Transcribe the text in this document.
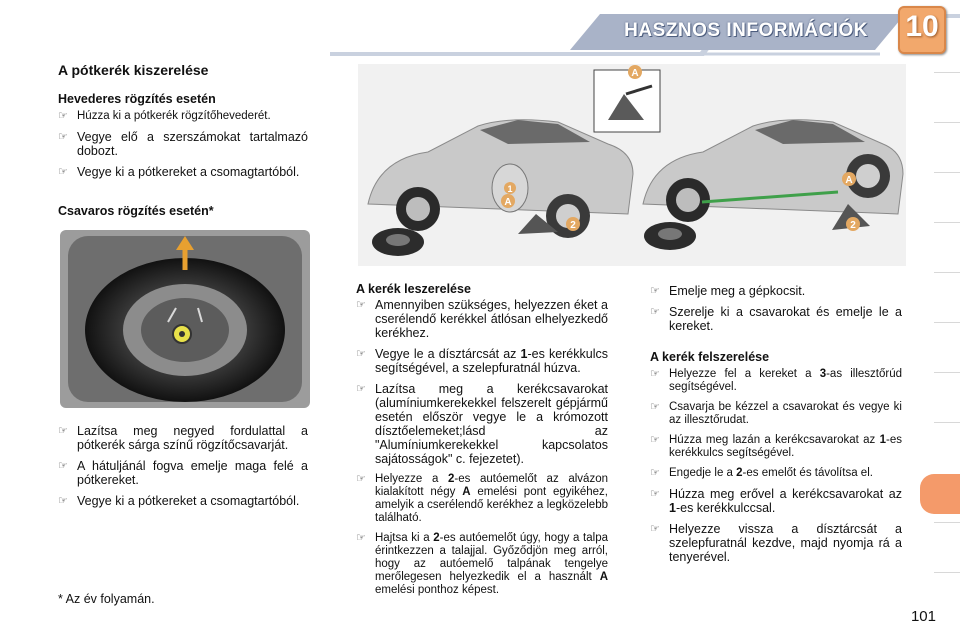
HASZNOS INFORMÁCIÓK 10
A pótkerék kiszerelése
Hevederes rögzítés esetén
☞ Húzza ki a pótkerék rögzítőhevederét.
☞ Vegye elő a szerszámokat tartalmazó dobozt.
☞ Vegye ki a pótkereket a csomagtartóból.
Csavaros rögzítés esetén*
☞ Lazítsa meg negyed fordulattal a pótkerék sárga színű rögzítőcsavarját.
☞ A hátuljánál fogva emelje maga felé a pótkereket.
☞ Vegye ki a pótkereket a csomagtartóból.
* Az év folyamán.
A
A
A
2	2
1
A kerék leszerelése
☞ Amennyiben szükséges, helyezzen éket a cserélendő kerékkel átlósan elhelyezkedő kerékhez.
☞ Vegye le a dísztárcsát az 1-es kerékkulcs segítségével, a szelepfuratnál húzva.
☞ Lazítsa meg a kerékcsavarokat (alumíniumkerekekkel felszerelt gépjármű esetén először vegye le a krómozott dísztőelemeket;lásd az "Alumíniumkerekekkel kapcsolatos sajátosságok" c. fejezetet).
☞ Helyezze a 2-es autóemelőt az alvázon kialakított négy A emelési pont egyikéhez, amelyik a cserélendő kerékhez a legközelebb található.
☞ Hajtsa ki a 2-es autóemelőt úgy, hogy a talpa érintkezzen a talajjal. Győződjön meg arról, hogy az autóemelő talpának tengelye merőlegesen helyezkedik el a használt A emelési ponthoz képest.
☞ Emelje meg a gépkocsit.
☞ Szerelje ki a csavarokat és emelje le a kereket.
A kerék felszerelése
☞ Helyezze fel a kereket a 3-as illesztőrúd segítségével.
☞ Csavarja be kézzel a csavarokat és vegye ki az illesztőrudat.
☞ Húzza meg lazán a kerékcsavarokat az 1-es kerékkulcs segítségével.
☞ Engedje le a 2-es emelőt és távolítsa el.
☞ Húzza meg erővel a kerékcsavarokat az 1-es kerékkulccsal.
☞ Helyezze vissza a dísztárcsát a szelepfuratnál kezdve, majd nyomja rá a tenyerével.
101
